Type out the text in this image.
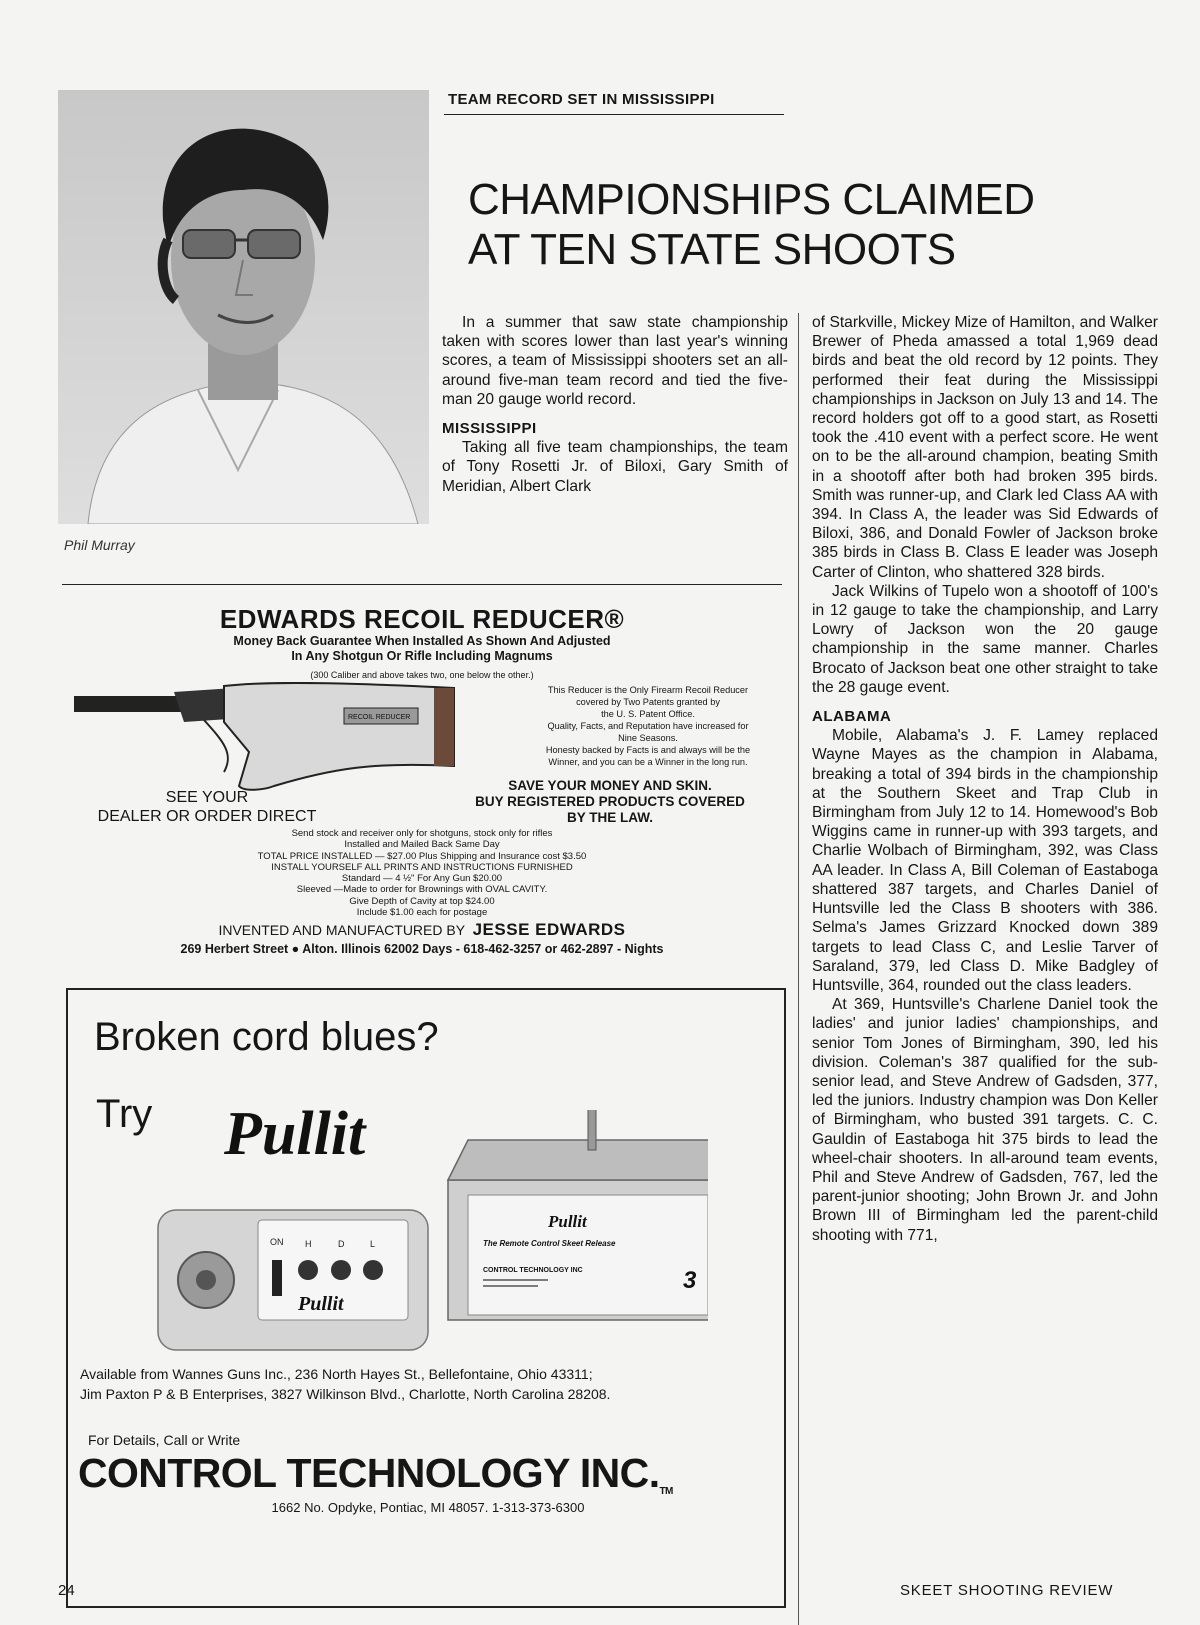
Phil Murray
TEAM RECORD SET IN MISSISSIPPI
CHAMPIONSHIPS CLAIMED
AT TEN STATE SHOOTS

In a summer that saw state championship taken with scores lower than last year's winning scores, a team of Mississippi shooters set an all-around five-man team record and tied the five-man 20 gauge world record.

MISSISSIPPI

Taking all five team championships, the team of Tony Rosetti Jr. of Biloxi, Gary Smith of Meridian, Albert Clark

of Starkville, Mickey Mize of Hamilton, and Walker Brewer of Pheda amassed a total 1,969 dead birds and beat the old record by 12 points. They performed their feat during the Mississippi championships in Jackson on July 13 and 14. The record holders got off to a good start, as Rosetti took the .410 event with a perfect score. He went on to be the all-around champion, beating Smith in a shootoff after both had broken 395 birds. Smith was runner-up, and Clark led Class AA with 394. In Class A, the leader was Sid Edwards of Biloxi, 386, and Donald Fowler of Jackson broke 385 birds in Class B. Class E leader was Joseph Carter of Clinton, who shattered 328 birds.

Jack Wilkins of Tupelo won a shootoff of 100's in 12 gauge to take the championship, and Larry Lowry of Jackson won the 20 gauge championship in the same manner. Charles Brocato of Jackson beat one other straight to take the 28 gauge event.

ALABAMA

Mobile, Alabama's J. F. Lamey replaced Wayne Mayes as the champion in Alabama, breaking a total of 394 birds in the championship at the Southern Skeet and Trap Club in Birmingham from July 12 to 14. Homewood's Bob Wiggins came in runner-up with 393 targets, and Charlie Wolbach of Birmingham, 392, was Class AA leader. In Class A, Bill Coleman of Eastaboga shattered 387 targets, and Charles Daniel of Huntsville led the Class B shooters with 386. Selma's James Grizzard Knocked down 389 targets to lead Class C, and Leslie Tarver of Saraland, 379, led Class D. Mike Badgley of Huntsville, 364, rounded out the class leaders.

At 369, Huntsville's Charlene Daniel took the ladies' and junior ladies' championships, and senior Tom Jones of Birmingham, 390, led his division. Coleman's 387 qualified for the sub-senior lead, and Steve Andrew of Gadsden, 377, led the juniors. Industry champion was Don Keller of Birmingham, who busted 391 targets. C. C. Gauldin of Eastaboga hit 375 birds to lead the wheel-chair shooters. In all-around team events, Phil and Steve Andrew of Gadsden, 767, led the parent-junior shooting; John Brown Jr. and John Brown III of Birmingham led the parent-child shooting with 771,

EDWARDS RECOIL REDUCER®
Money Back Guarantee When Installed As Shown And Adjusted
In Any Shotgun Or Rifle Including Magnums
(300 Caliber and above takes two, one below the other.)
RECOIL REDUCER
This Reducer is the Only Firearm Recoil Reducer
covered by Two Patents granted by
the U. S. Patent Office.
Quality, Facts, and Reputation have increased for
Nine Seasons.
Honesty backed by Facts is and always will be the
Winner, and you can be a Winner in the long run.
SEE YOUR
DEALER OR ORDER DIRECT
SAVE YOUR MONEY AND SKIN.
BUY REGISTERED PRODUCTS COVERED
BY THE LAW.
Send stock and receiver only for shotguns, stock only for rifles
Installed and Mailed Back Same Day
TOTAL PRICE INSTALLED — $27.00 Plus Shipping and Insurance cost $3.50
INSTALL YOURSELF ALL PRINTS AND INSTRUCTIONS FURNISHED
Standard — 4 ½" For Any Gun $20.00
Sleeved —Made to order for Brownings with OVAL CAVITY.
Give Depth of Cavity at top $24.00
Include $1.00 each for postage
INVENTED AND MANUFACTURED BY JESSE EDWARDS
269 Herbert Street ● Alton. Illinois 62002 Days - 618-462-3257 or 462-2897 - Nights
Broken cord blues?
Try Pullit
ON H	D	L
Pullit
Pullit
The Remote Control Skeet Release
CONTROL TECHNOLOGY INC	3
Available from Wannes Guns Inc., 236 North Hayes St., Bellefontaine, Ohio 43311;
Jim Paxton P & B Enterprises, 3827 Wilkinson Blvd., Charlotte, North Carolina 28208.
For Details, Call or Write
CONTROL TECHNOLOGY INC.TM
1662 No. Opdyke, Pontiac, MI 48057. 1-313-373-6300
24	SKEET SHOOTING REVIEW
